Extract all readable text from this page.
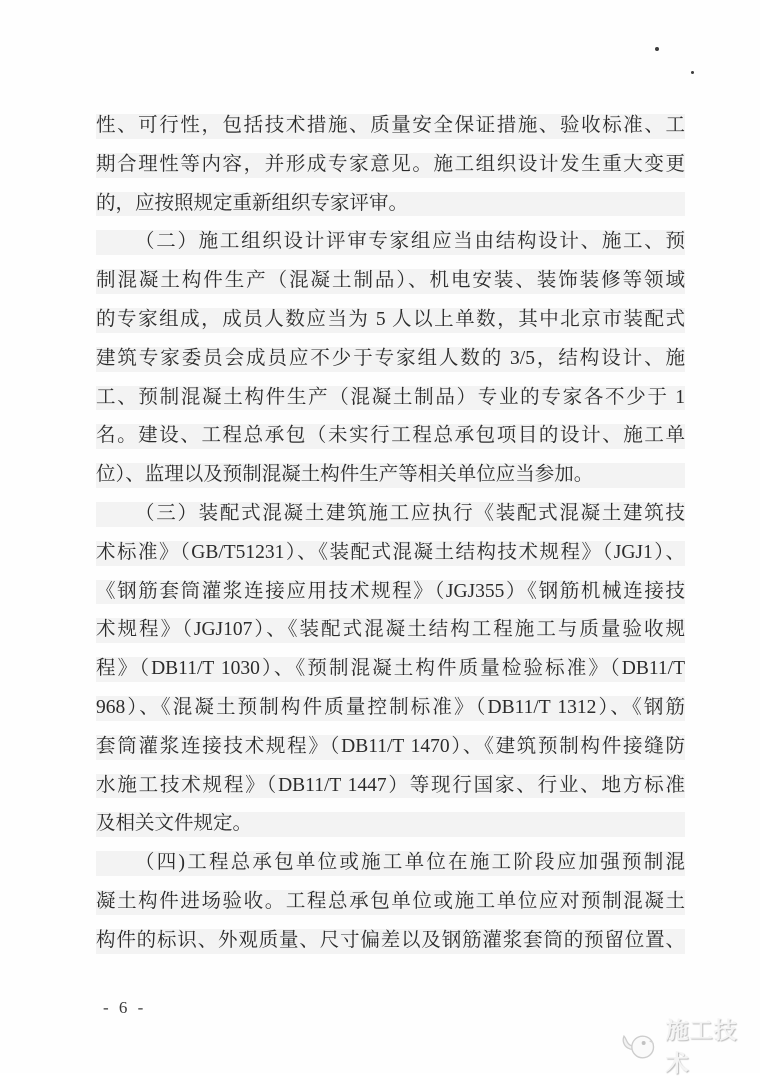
性、可行性，包括技术措施、质量安全保证措施、验收标准、工
期合理性等内容，并形成专家意见。施工组织设计发生重大变更
的，应按照规定重新组织专家评审。
（二）施工组织设计评审专家组应当由结构设计、施工、预
制混凝土构件生产（混凝土制品）、机电安装、装饰装修等领域
的专家组成，成员人数应当为 5 人以上单数，其中北京市装配式
建筑专家委员会成员应不少于专家组人数的 3/5，结构设计、施
工、预制混凝土构件生产（混凝土制品）专业的专家各不少于 1
名。建设、工程总承包（未实行工程总承包项目的设计、施工单
位）、监理以及预制混凝土构件生产等相关单位应当参加。
（三）装配式混凝土建筑施工应执行《装配式混凝土建筑技
术标准》（GB/T51231）、《装配式混凝土结构技术规程》（JGJ1）、
《钢筋套筒灌浆连接应用技术规程》（JGJ355）《钢筋机械连接技
术规程》（JGJ107）、《装配式混凝土结构工程施工与质量验收规
程》（DB11/T 1030）、《预制混凝土构件质量检验标准》（DB11/T
968）、《混凝土预制构件质量控制标准》（DB11/T 1312）、《钢筋
套筒灌浆连接技术规程》（DB11/T 1470）、《建筑预制构件接缝防
水施工技术规程》（DB11/T 1447）等现行国家、行业、地方标准
及相关文件规定。
（四)工程总承包单位或施工单位在施工阶段应加强预制混
凝土构件进场验收。工程总承包单位或施工单位应对预制混凝土
构件的标识、外观质量、尺寸偏差以及钢筋灌浆套筒的预留位置、
- 6 -
施工技术
